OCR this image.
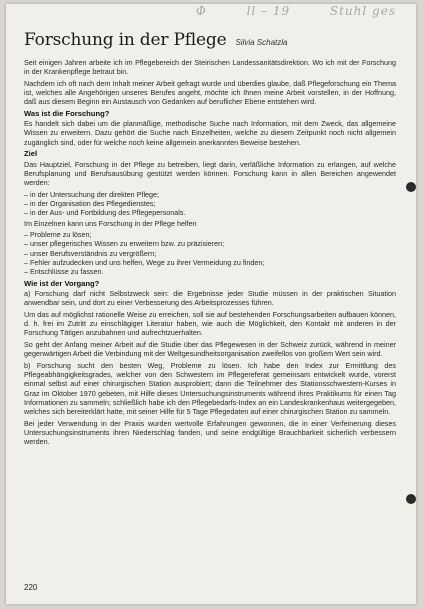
Φ	ll – 19	Stuhl ges
Forschung in der Pflege Silvia Schatzla

Seit einigen Jahren arbeite ich im Pflegebereich der Steirischen Landessanitätsdirektion. Wo ich mit der Forschung in der Krankenpflege betraut bin.

Nachdem ich oft nach dem Inhalt meiner Arbeit gefragt wurde und überdies glaube, daß Pflegeforschung ein Thema ist, welches alle Angehörigen unseres Berufes angeht, möchte ich Ihnen meine Arbeit vorstellen, in der Hoffnung, daß aus diesem Beginn ein Austausch von Gedanken auf beruflicher Ebene entstehen wird.

Was ist die Forschung?

Es handelt sich dabei um die planmäßige, methodische Suche nach Information, mit dem Zweck, das allgemeine Wissen zu erweitern. Dazu gehört die Suche nach Einzelheiten, welche zu diesem Zeitpunkt noch nicht allgemein zugänglich sind, oder für welche noch keine allgemein anerkannten Beweise bestehen.

Ziel

Das Hauptziel, Forschung in der Pflege zu betreiben, liegt darin, verläßliche Information zu erlangen, auf welche Berufsplanung und Berufsausübung gestützt werden können. Forschung kann in allen Bereichen angewendet werden:

– in der Untersuchung der direkten Pflege;
– in der Organisation des Pflegedienstes;
– in der Aus- und Fortbildung des Pflegepersonals.

Im Einzelnen kann uns Forschung in der Pflege helfen

– Probleme zu lösen;
– unser pflegerisches Wissen zu erweitern bzw. zu präzisieren;
– unser Berufsverständnis zu vergrößern;
– Fehler aufzudecken und uns helfen, Wege zu ihrer Vermeidung zu finden;
– Entschlüsse zu fassen.
Wie ist der Vorgang?

a) Forschung darf nicht Selbstzweck sein: die Ergebnisse jeder Studie müssen in der praktischen Situation anwendbar sein, und dort zu einer Verbesserung des Arbeitsprozesses führen.

Um das auf möglichst rationelle Weise zu erreichen, soll sie auf bestehenden Forschungsarbeiten aufbauen können, d. h. frei im Zutritt zu einschlägiger Literatur haben, wie auch die Möglichkeit, den Kontakt mit anderen in der Forschung Tätigen anzubahnen und aufrechtzuerhalten.

So geht der Anfang meiner Arbeit auf die Studie über das Pflegewesen in der Schweiz zurück, während in meiner gegenwärtigen Arbeit die Verbindung mit der Weltgesundheitsorganisation zweifellos von großem Wert sein wird.

b) Forschung sucht den besten Weg, Probleme zu lösen. Ich habe den Index zur Ermittlung des Pflegeabhängigkeitsgrades, welcher von den Schwestern im Pflegereferat gemeinsam entwickelt wurde, vorerst einmal selbst auf einer chirurgischen Station ausprobiert; dann die Teilnehmer des Stationsschwestern-Kurses in Graz im Oktober 1970 gebeten, mit Hilfe dieses Untersuchungsinstruments während ihres Praktikums für einen Tag Informationen zu sammeln; schließlich habe ich den Pflegebedarfs-Index an ein Landeskrankenhaus weitergegeben, welches sich bereiterklärt hatte, mit seiner Hilfe für 5 Tage Pflegedaten auf einer chirurgischen Station zu sammeln.

Bei jeder Verwendung in der Praxis wurden wertvolle Erfahrungen gewonnen, die in einer Verfeinerung dieses Untersuchungsinstruments ihren Niederschlag fanden, und seine endgültige Brauchbarkeit sicherlich verbessern werden.

220
